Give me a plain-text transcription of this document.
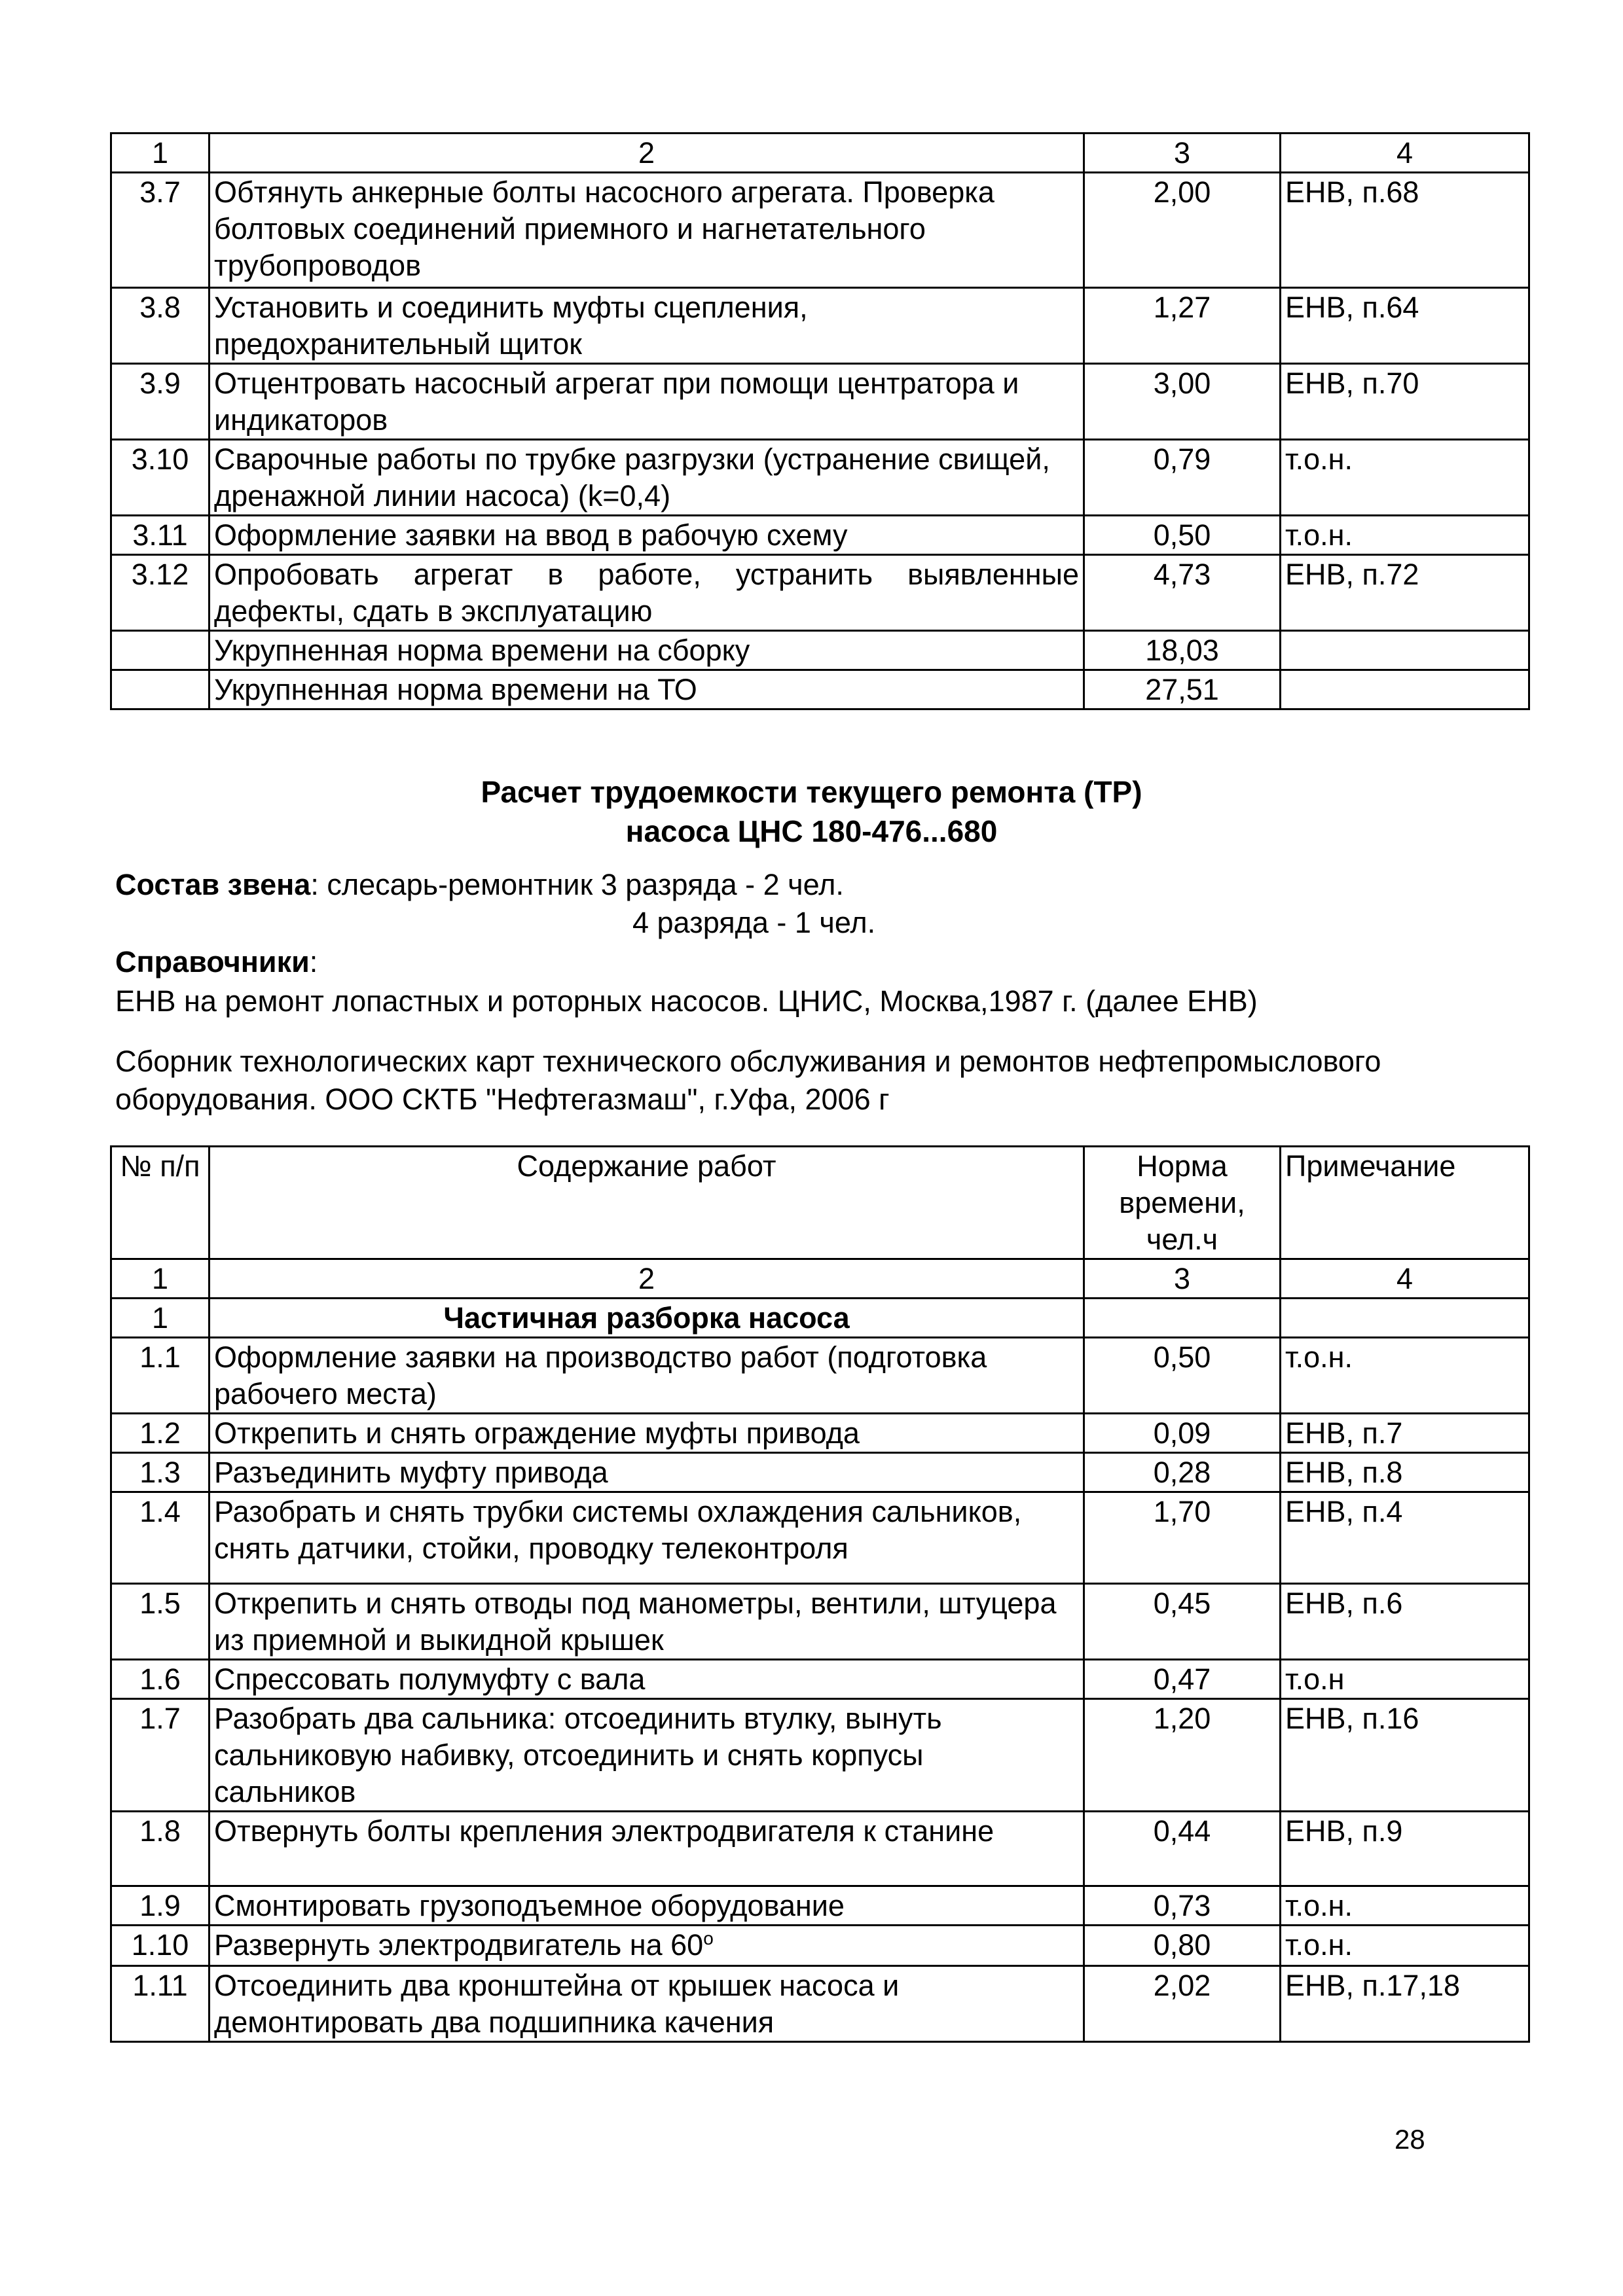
1	2	3	4
3.7	Обтянуть анкерные болты насосного агрегата. Проверка
болтовых соединений приемного и нагнетательного
трубопроводов	2,00	ЕНВ, п.68
3.8	Установить и соединить муфты сцепления,
предохранительный щиток	1,27	ЕНВ, п.64
3.9	Отцентровать насосный агрегат при помощи центратора и
индикаторов	3,00	ЕНВ, п.70
3.10	Сварочные работы по трубке разгрузки (устранение свищей,
дренажной линии насоса) (k=0,4)	0,79	т.о.н.
3.11	Оформление заявки на ввод в рабочую схему	0,50	т.о.н.
3.12	Опробовать агрегат в работе, устранить выявленные
дефекты, сдать в эксплуатацию	4,73	ЕНВ, п.72
	Укрупненная норма времени на сборку	18,03	
	Укрупненная норма времени на ТО	27,51	
Расчет трудоемкости текущего ремонта (ТР)
насоса ЦНС 180-476...680
Состав звена: слесарь-ремонтник 3 разряда - 2 чел.
4 разряда - 1 чел.
Справочники:
ЕНВ на ремонт лопастных и роторных насосов. ЦНИС, Москва,1987 г. (далее ЕНВ)
Сборник технологических карт технического обслуживания и ремонтов нефтепромыслового
оборудования. ООО СКТБ "Нефтегазмаш", г.Уфа, 2006 г
№ п/п	Содержание работ	Норма
времени,
чел.ч	Примечание
1	2	3	4
1	Частичная разборка насоса		
1.1	Оформление заявки на производство работ (подготовка
рабочего места)	0,50	т.о.н.
1.2	Открепить и снять ограждение муфты привода	0,09	ЕНВ, п.7
1.3	Разъединить муфту привода	0,28	ЕНВ, п.8
1.4	Разобрать и снять трубки системы охлаждения сальников,
снять датчики, стойки, проводку телеконтроля	1,70	ЕНВ, п.4
1.5	Открепить и снять отводы под манометры, вентили, штуцера
из приемной и выкидной крышек	0,45	ЕНВ, п.6
1.6	Спрессовать полумуфту с вала	0,47	т.о.н
1.7	Разобрать два сальника: отсоединить втулку, вынуть
сальниковую набивку, отсоединить и снять корпусы
сальников	1,20	ЕНВ, п.16
1.8	Отвернуть болты крепления электродвигателя к станине	0,44	ЕНВ, п.9
1.9	Смонтировать грузоподъемное оборудование	0,73	т.о.н.
1.10	Развернуть электродвигатель на 60$^o$	0,80	т.о.н.
1.11	Отсоединить два кронштейна от крышек насоса и
демонтировать два подшипника качения	2,02	ЕНВ, п.17,18
28
